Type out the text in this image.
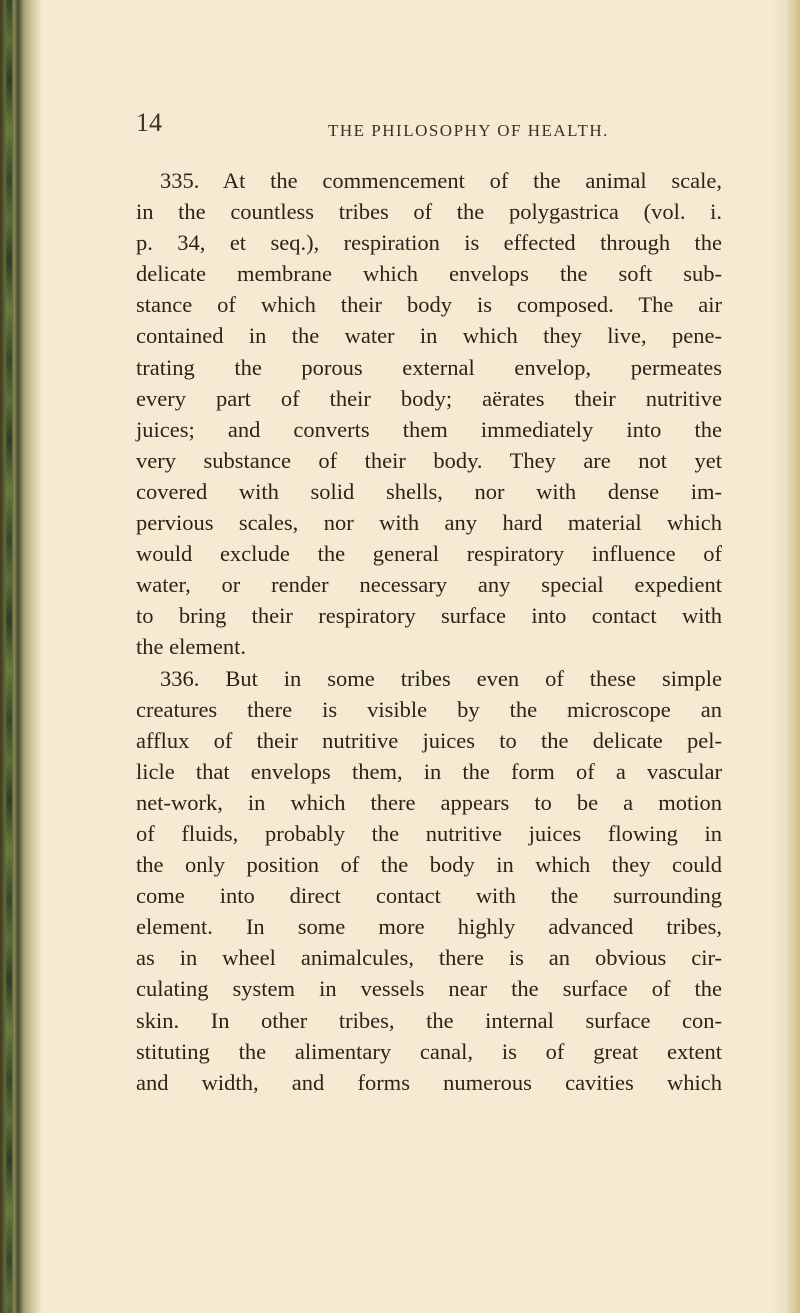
14	THE PHILOSOPHY OF HEALTH.
335. At the commencement of the animal scale,
in the countless tribes of the polygastrica (vol. i.
p. 34, et seq.), respiration is effected through the
delicate membrane which envelops the soft sub-
stance of which their body is composed. The air
contained in the water in which they live, pene-
trating the porous external envelop, permeates
every part of their body; aërates their nutritive
juices; and converts them immediately into the
very substance of their body. They are not yet
covered with solid shells, nor with dense im-
pervious scales, nor with any hard material which
would exclude the general respiratory influence of
water, or render necessary any special expedient
to bring their respiratory surface into contact with
the element.
336. But in some tribes even of these simple
creatures there is visible by the microscope an
afflux of their nutritive juices to the delicate pel-
licle that envelops them, in the form of a vascular
net-work, in which there appears to be a motion
of fluids, probably the nutritive juices flowing in
the only position of the body in which they could
come into direct contact with the surrounding
element. In some more highly advanced tribes,
as in wheel animalcules, there is an obvious cir-
culating system in vessels near the surface of the
skin. In other tribes, the internal surface con-
stituting the alimentary canal, is of great extent
and width, and forms numerous cavities which
